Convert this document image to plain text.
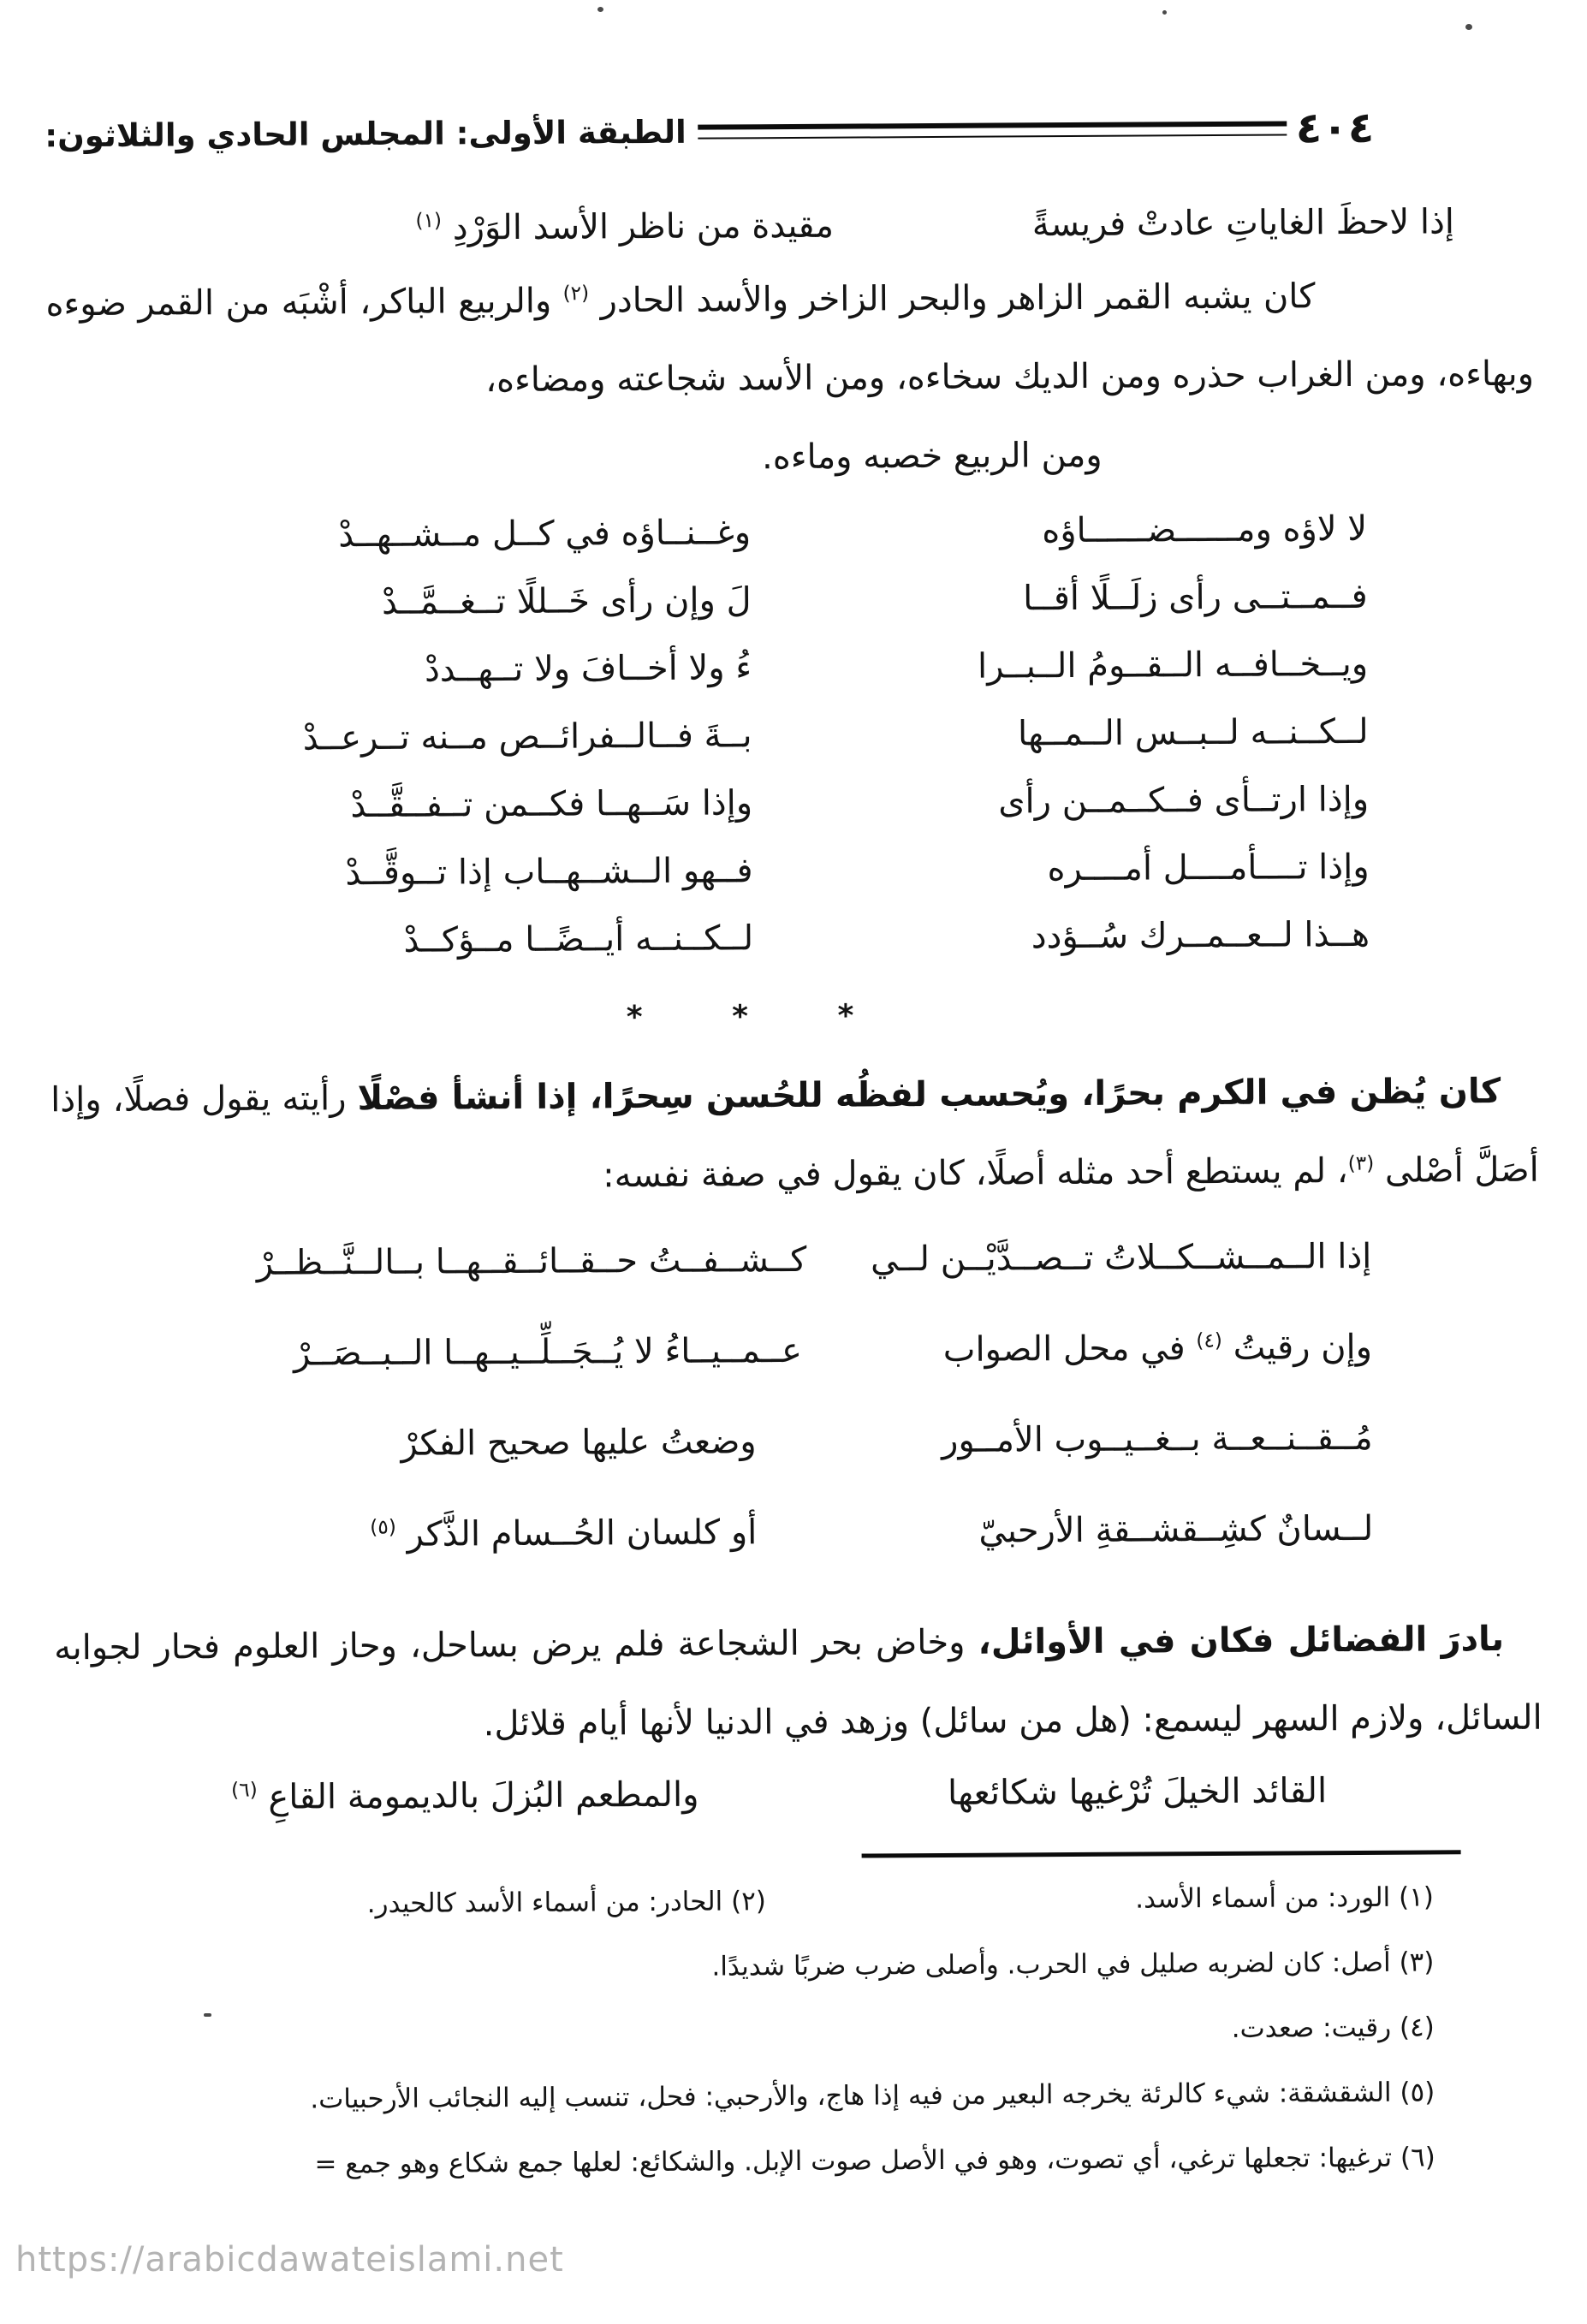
٤٠٤
الطبقة الأولى: المجلس الحادي والثلاثون:
إذا لاحظَ الغاياتِ عادتْ فريسةً
مقيدة من ناظر الأسد الوَرْدِ $^{(١)}$

كان يشبه القمر الزاهر والبحر الزاخر والأسد الحادر $^{(٢)}$ والربيع الباكر، أشْبَه من القمر ضوءه وبهاءه، ومن الغراب حذره ومن الديك سخاءه، ومن الأسد شجاعته ومضاءه،

ومن الربيع خصبه وماءه.
لا لاؤه ومــــــضــــــاؤه
وغــنــاؤه في كــل مــشــهــدْ
فــمــتــى رأى زلَــلًا أقــا
لَ وإن رأى خَــللًا تــغــمَّــدْ
ويــخــافــه الــقــومُ الــبــرا
ءُ ولا أخــافَ ولا تــهــددْ
لــكــنــه لــبــس الــمــها
بــةَ فــالــفرائــص مــنه تــرعــدْ
وإذا ارتــأى فــكــمــن رأى
وإذا سَــهــا فكــمن تــفــقَّــدْ
وإذا تــــأمــــل أمــــره
فــهو الــشــهــاب إذا تــوقَّــدْ
هــذا لــعــمــرك سُــؤدد
لــكــنــه أيــضًــا مــؤكــدْ
* * *

كان يُظن في الكرم بحرًا، ويُحسب لفظُه للحُسن سِحرًا، إذا أنشأ فصْلًا رأيته يقول فصلًا، وإذا أصَلَّ أصْلى $^{(٣)}$، لم يستطع أحد مثله أصلًا، كان يقول في صفة نفسه:

إذا الــمــشــكــلاتُ تــصــدَّيْــن لــي
كــشــفــتُ حــقــائــقــهــا بــالــنَّــظــرْ
وإن رقيتُ $^{(٤)}$ في محل الصواب
عــمــيــاءُ لا يُــجَــلِّــيــهــا الــبــصَــرْ
مُــقــنــعــة بــغــيــوب الأمــور
وضعتُ عليها صحيح الفكرْ
لــسانٌ كشِــقشــقةِ الأرحبيّ
أو كلسان الحُــسام الذَّكر $^{(٥)}$

بادرَ الفضائل فكان في الأوائل، وخاض بحر الشجاعة فلم يرض بساحل، وحاز العلوم فحار لجوابه السائل، ولازم السهر ليسمع: (هل من سائل) وزهد في الدنيا لأنها أيام قلائل.

القائد الخيلَ تُرْغيها شكائعها
والمطعم البُزلَ بالديمومة القاعِ $^{(٦)}$
(١) الورد: من أسماء الأسد.
(٢) الحادر: من أسماء الأسد كالحيدر.
(٣) أصل: كان لضربه صليل في الحرب. وأصلى ضرب ضربًا شديدًا.
(٤) رقيت: صعدت.
(٥) الشقشقة: شيء كالرئة يخرجه البعير من فيه إذا هاج، والأرحبي: فحل، تنسب إليه النجائب الأرحبيات.
(٦) ترغيها: تجعلها ترغي، أي تصوت، وهو في الأصل صوت الإبل. والشكائع: لعلها جمع شكاع وهو جمع =
https://arabicdawateislami.net
